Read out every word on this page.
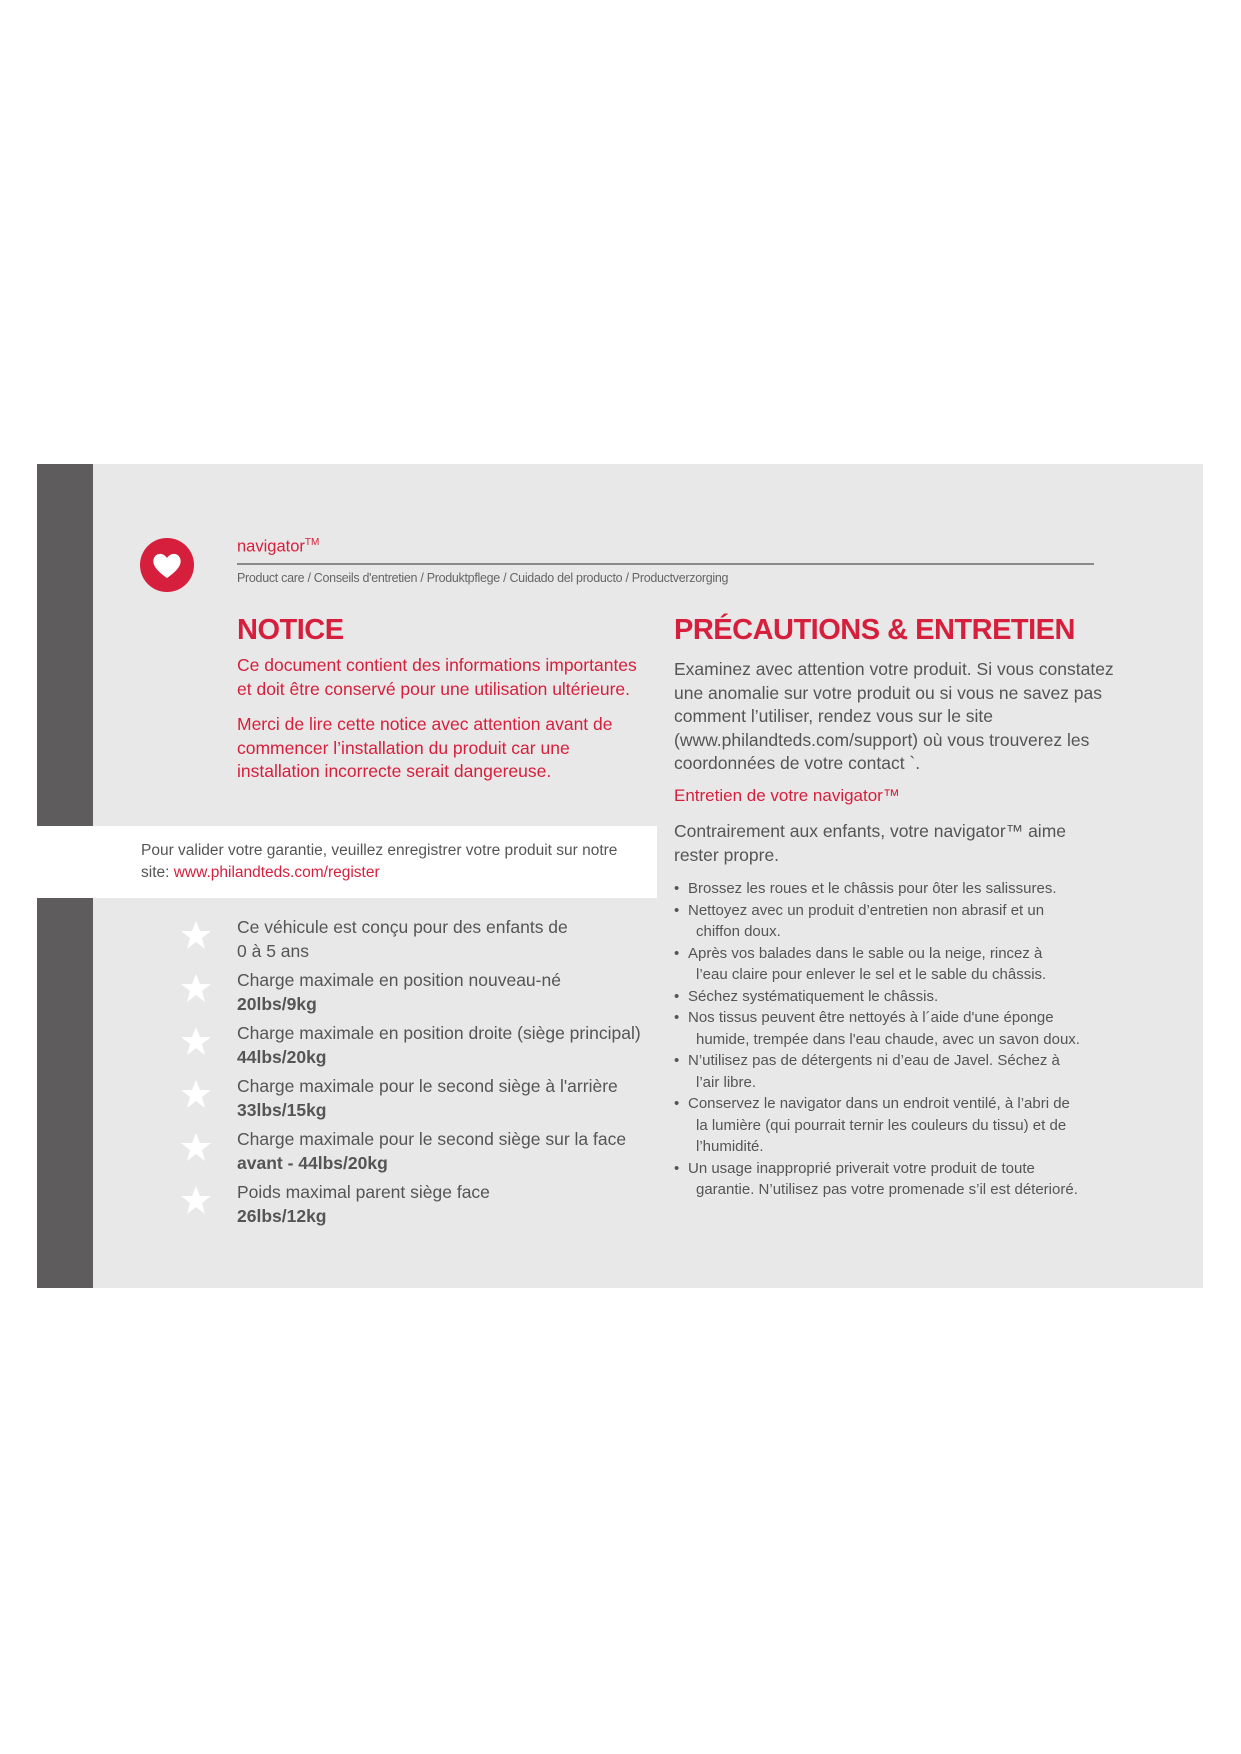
Pour valider votre garantie, veuillez enregistrer votre produit sur notre site: www.philandteds.com/register
navigator™
Product care / Conseils d'entretien / Produktpflege / Cuidado del producto / Productverzorging
NOTICE

Ce document contient des informations importantes et doit être conservé pour une utilisation ultérieure.

Merci de lire cette notice avec attention avant de commencer l’installation du produit car une installation incorrecte serait dangereuse.

Ce véhicule est conçu pour des enfants de
0 à 5 ans
Charge maximale en position nouveau-né
20lbs/9kg
Charge maximale en position droite (siège principal)
44lbs/20kg
Charge maximale pour le second siège à l'arrière
33lbs/15kg
Charge maximale pour le second siège sur la face
avant - 44lbs/20kg
Poids maximal parent siège face
26lbs/12kg
PRÉCAUTIONS & ENTRETIEN

Examinez avec attention votre produit. Si vous constatez une anomalie sur votre produit ou si vous ne savez pas comment l’utiliser, rendez vous sur le site (www.philandteds.com/support) où vous trouverez les coordonnées de votre contact `.

Entretien de votre navigator™
Contrairement aux enfants, votre navigator™ aime rester propre.
• Brossez les roues et le châssis pour ôter les salissures.
• Nettoyez avec un produit d’entretien non abrasif et un
chiffon doux.
• Après vos balades dans le sable ou la neige, rincez à
l’eau claire pour enlever le sel et le sable du châssis.
• Séchez systématiquement le châssis.
• Nos tissus peuvent être nettoyés à l´aide d'une éponge
humide, trempée dans l'eau chaude, avec un savon doux.
• N’utilisez pas de détergents ni d’eau de Javel. Séchez à
l’air libre.
• Conservez le navigator dans un endroit ventilé, à l’abri de
la lumière (qui pourrait ternir les couleurs du tissu) et de l’humidité.
• Un usage inapproprié priverait votre produit de toute
garantie. N’utilisez pas votre promenade s’il est déterioré.
